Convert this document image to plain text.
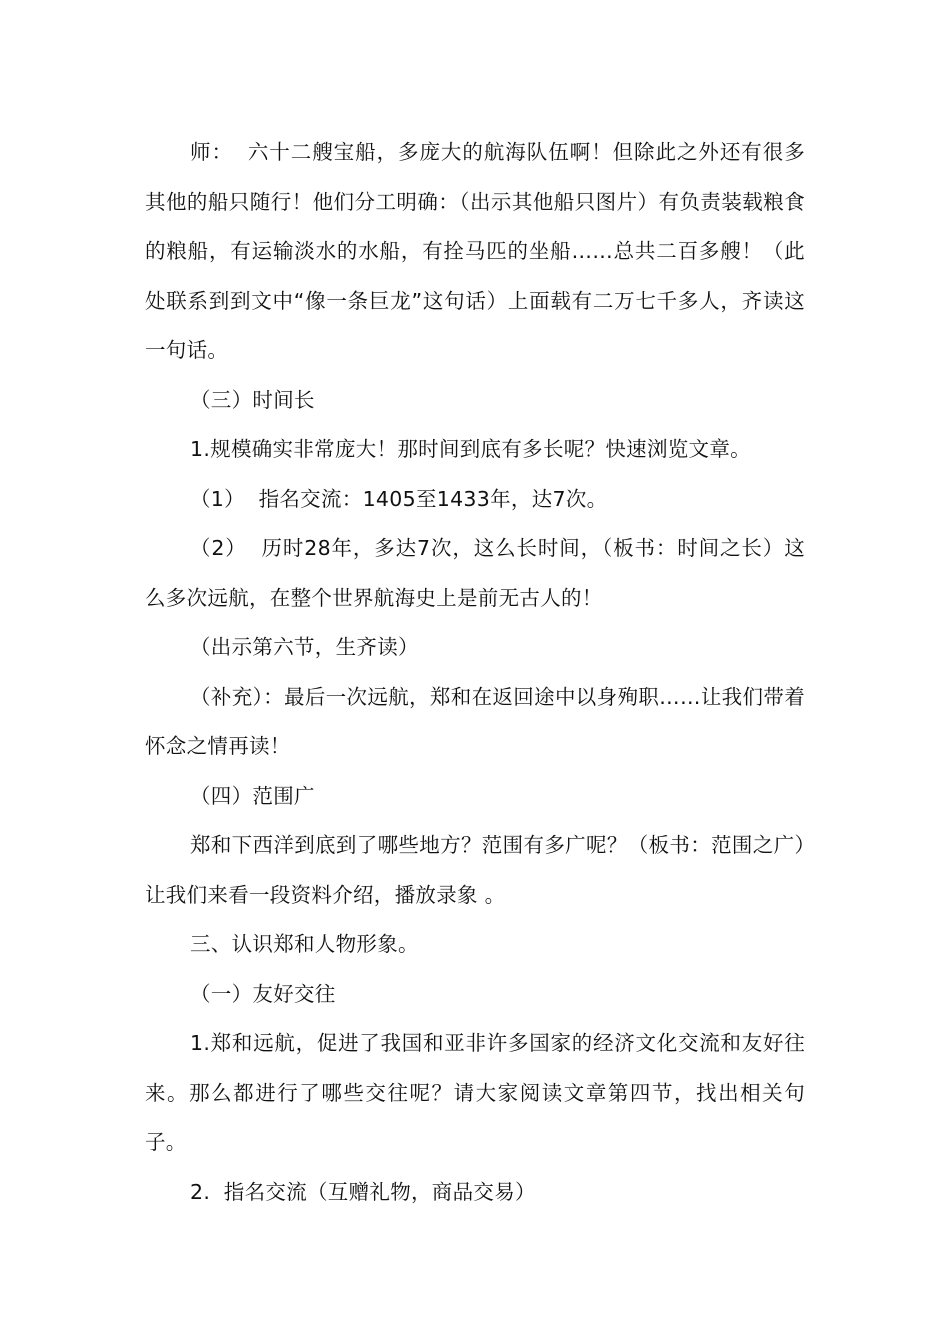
师：  六十二艘宝船，多庞大的航海队伍啊！但除此之外还有很多其他的船只随行！他们分工明确：（出示其他船只图片）有负责装载粮食的粮船，有运输淡水的水船，有拴马匹的坐船……总共二百多艘！（此处联系到到文中“像一条巨龙”这句话）上面载有二万七千多人，齐读这一句话。

（三）时间长

1.规模确实非常庞大！那时间到底有多长呢？快速浏览文章。

（1）  指名交流：1405至1433年，达7次。

（2）  历时28年，多达7次，这么长时间，（板书：时间之长）这么多次远航，在整个世界航海史上是前无古人的！

（出示第六节，生齐读）

（补充）：最后一次远航，郑和在返回途中以身殉职……让我们带着怀念之情再读！

（四）范围广

郑和下西洋到底到了哪些地方？范围有多广呢？（板书：范围之广）让我们来看一段资料介绍，播放录象 。

三、认识郑和人物形象。

（一）友好交往

1.郑和远航，促进了我国和亚非许多国家的经济文化交流和友好往来。那么都进行了哪些交往呢？请大家阅读文章第四节，找出相关句子。

2.  指名交流（互赠礼物，商品交易）
